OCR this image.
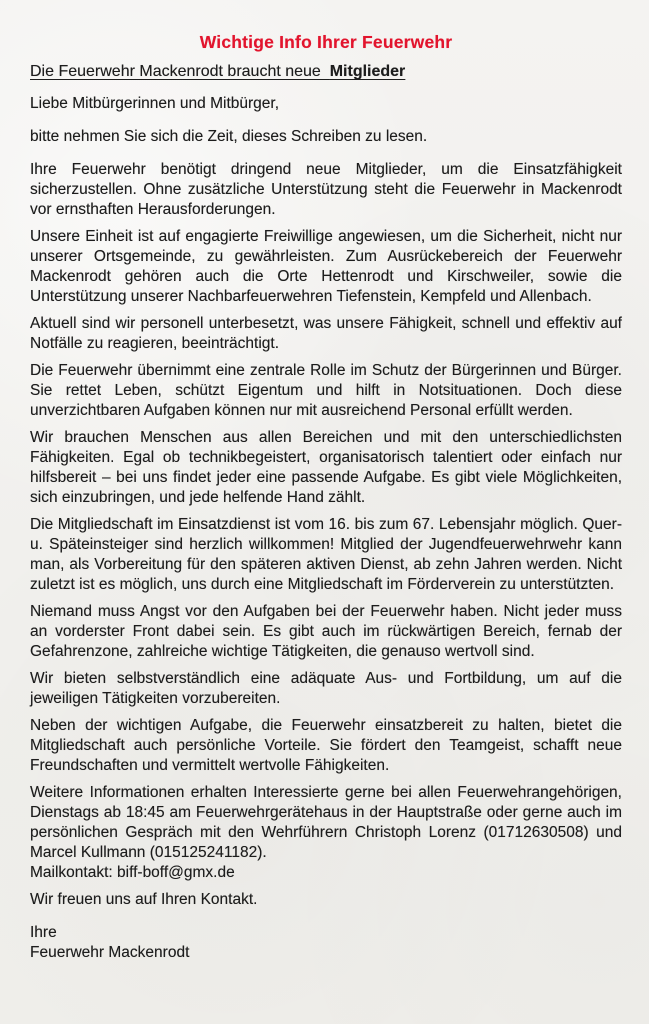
Wichtige Info Ihrer Feuerwehr

Die Feuerwehr Mackenrodt braucht neue  Mitglieder

Liebe Mitbürgerinnen und Mitbürger,

bitte nehmen Sie sich die Zeit, dieses Schreiben zu lesen.

Ihre Feuerwehr benötigt dringend neue Mitglieder, um die Einsatzfähigkeit sicherzustellen. Ohne zusätzliche Unterstützung steht die Feuerwehr in Mackenrodt vor ernsthaften Herausforderungen.

Unsere Einheit ist auf engagierte Freiwillige angewiesen, um die Sicherheit, nicht nur unserer Ortsgemeinde, zu gewährleisten. Zum Ausrückebereich der Feuerwehr Mackenrodt gehören auch die Orte Hettenrodt und Kirschweiler, sowie die Unterstützung unserer Nachbarfeuerwehren Tiefenstein, Kempfeld und Allenbach.

Aktuell sind wir personell unterbesetzt, was unsere Fähigkeit, schnell und effektiv auf Notfälle zu reagieren, beeinträchtigt.

Die Feuerwehr übernimmt eine zentrale Rolle im Schutz der Bürgerinnen und Bürger. Sie rettet Leben, schützt Eigentum und hilft in Notsituationen. Doch diese unverzichtbaren Aufgaben können nur mit ausreichend Personal erfüllt werden.

Wir brauchen Menschen aus allen Bereichen und mit den unterschiedlichsten Fähigkeiten. Egal ob technikbegeistert, organisatorisch talentiert oder einfach nur hilfsbereit – bei uns findet jeder eine passende Aufgabe. Es gibt viele Möglichkeiten, sich einzubringen, und jede helfende Hand zählt.

Die Mitgliedschaft im Einsatzdienst ist vom 16. bis zum 67. Lebensjahr möglich. Quer- u. Späteinsteiger sind herzlich willkommen! Mitglied der Jugendfeuerwehrwehr kann man, als Vorbereitung für den späteren aktiven Dienst, ab zehn Jahren werden. Nicht zuletzt ist es möglich, uns durch eine Mitgliedschaft im Förderverein zu unterstützten.

Niemand muss Angst vor den Aufgaben bei der Feuerwehr haben. Nicht jeder muss an vorderster Front dabei sein. Es gibt auch im rückwärtigen Bereich, fernab der Gefahrenzone, zahlreiche wichtige Tätigkeiten, die genauso wertvoll sind.

Wir bieten selbstverständlich eine adäquate Aus- und Fortbildung, um auf die jeweiligen Tätigkeiten vorzubereiten.

Neben der wichtigen Aufgabe, die Feuerwehr einsatzbereit zu halten, bietet die Mitgliedschaft auch persönliche Vorteile. Sie fördert den Teamgeist, schafft neue Freundschaften und vermittelt wertvolle Fähigkeiten.

Weitere Informationen erhalten Interessierte gerne bei allen Feuerwehrangehörigen, Dienstags ab 18:45 am Feuerwehrgerätehaus in der Hauptstraße oder gerne auch im persönlichen Gespräch mit den Wehrführern Christoph Lorenz (01712630508) und Marcel Kullmann (015125241182).

Mailkontakt: biff-boff@gmx.de

Wir freuen uns auf Ihren Kontakt.

Ihre

Feuerwehr Mackenrodt
